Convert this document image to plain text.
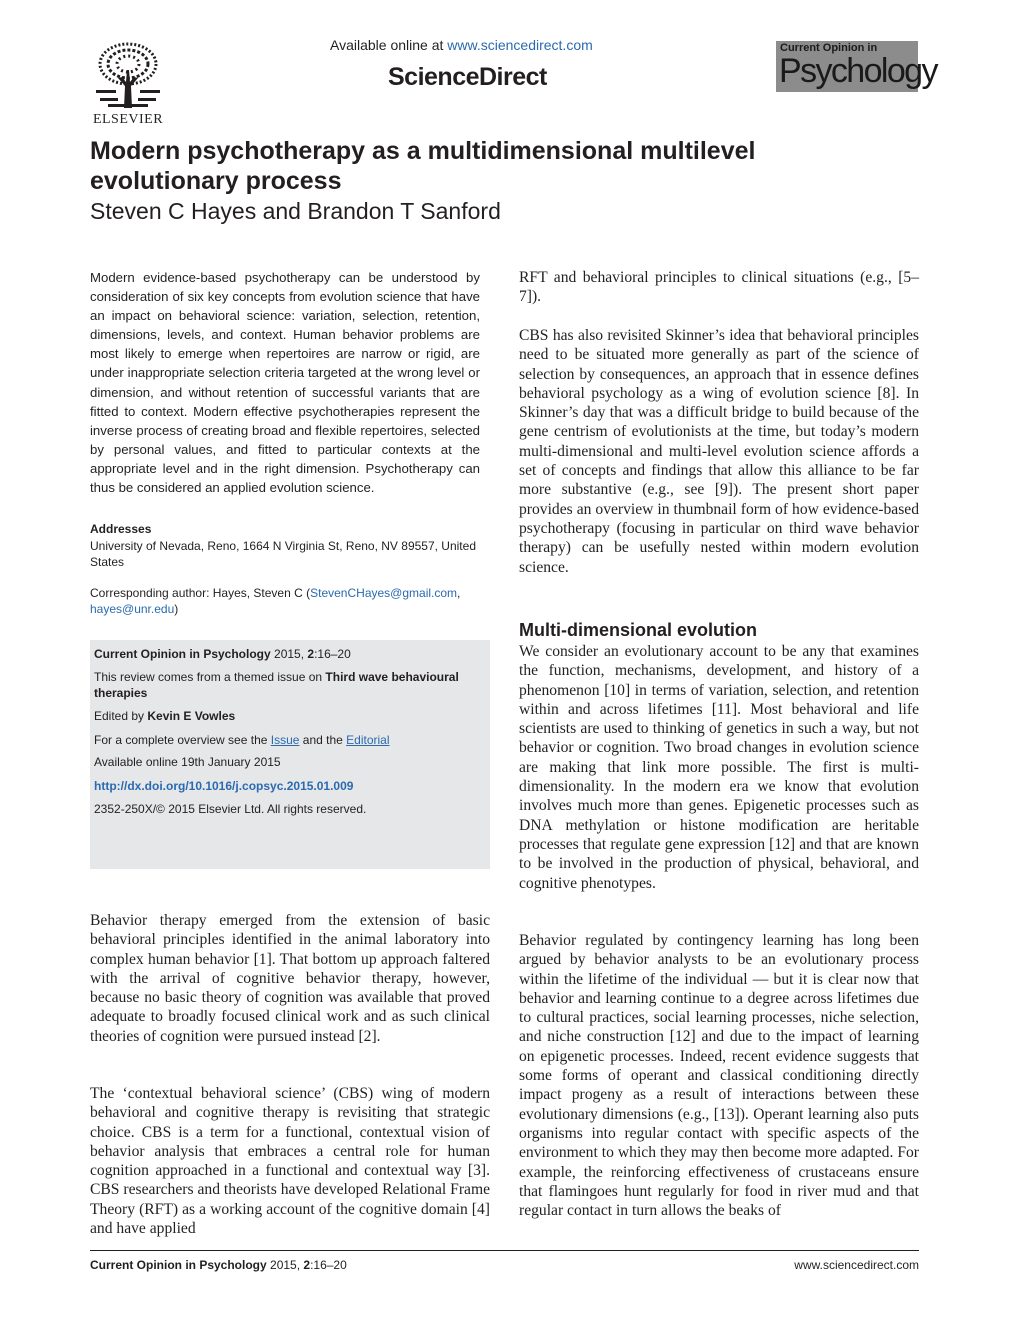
ELSEVIER
Available online at www.sciencedirect.com
ScienceDirect
Current Opinion in
Psychology
Modern psychotherapy as a multidimensional multilevel evolutionary process
Steven C Hayes and Brandon T Sanford
Modern evidence-based psychotherapy can be understood by consideration of six key concepts from evolution science that have an impact on behavioral science: variation, selection, retention, dimensions, levels, and context. Human behavior problems are most likely to emerge when repertoires are narrow or rigid, are under inappropriate selection criteria targeted at the wrong level or dimension, and without retention of successful variants that are fitted to context. Modern effective psychotherapies represent the inverse process of creating broad and flexible repertoires, selected by personal values, and fitted to particular contexts at the appropriate level and in the right dimension. Psychotherapy can thus be considered an applied evolution science.
Addresses
University of Nevada, Reno, 1664 N Virginia St, Reno, NV 89557, United States
Corresponding author: Hayes, Steven C (StevenCHayes@gmail.com,
hayes@unr.edu)
Current Opinion in Psychology 2015, 2:16–20
This review comes from a themed issue on Third wave behavioural therapies
Edited by Kevin E Vowles
For a complete overview see the Issue and the Editorial
Available online 19th January 2015
http://dx.doi.org/10.1016/j.copsyc.2015.01.009
2352-250X/© 2015 Elsevier Ltd. All rights reserved.
Behavior therapy emerged from the extension of basic behavioral principles identified in the animal laboratory into complex human behavior [1]. That bottom up approach faltered with the arrival of cognitive behavior therapy, however, because no basic theory of cognition was available that proved adequate to broadly focused clinical work and as such clinical theories of cognition were pursued instead [2].
The ‘contextual behavioral science’ (CBS) wing of modern behavioral and cognitive therapy is revisiting that strategic choice. CBS is a term for a functional, contextual vision of behavior analysis that embraces a central role for human cognition approached in a functional and contextual way [3]. CBS researchers and theorists have developed Relational Frame Theory (RFT) as a working account of the cognitive domain [4] and have applied
RFT and behavioral principles to clinical situations (e.g., [5–7]).
CBS has also revisited Skinner’s idea that behavioral principles need to be situated more generally as part of the science of selection by consequences, an approach that in essence defines behavioral psychology as a wing of evolution science [8]. In Skinner’s day that was a difficult bridge to build because of the gene centrism of evolutionists at the time, but today’s modern multi-dimensional and multi-level evolution science affords a set of concepts and findings that allow this alliance to be far more substantive (e.g., see [9]). The present short paper provides an overview in thumbnail form of how evidence-based psychotherapy (focusing in particular on third wave behavior therapy) can be usefully nested within modern evolution science.
Multi-dimensional evolution
We consider an evolutionary account to be any that examines the function, mechanisms, development, and history of a phenomenon [10] in terms of variation, selection, and retention within and across lifetimes [11]. Most behavioral and life scientists are used to thinking of genetics in such a way, but not behavior or cognition. Two broad changes in evolution science are making that link more possible. The first is multi-dimensionality. In the modern era we know that evolution involves much more than genes. Epigenetic processes such as DNA methylation or histone modification are heritable processes that regulate gene expression [12] and that are known to be involved in the production of physical, behavioral, and cognitive phenotypes.
Behavior regulated by contingency learning has long been argued by behavior analysts to be an evolutionary process within the lifetime of the individual — but it is clear now that behavior and learning continue to a degree across lifetimes due to cultural practices, social learning processes, niche selection, and niche construction [12] and due to the impact of learning on epigenetic processes. Indeed, recent evidence suggests that some forms of operant and classical conditioning directly impact progeny as a result of interactions between these evolutionary dimensions (e.g., [13]). Operant learning also puts organisms into regular contact with specific aspects of the environment to which they may then become more adapted. For example, the reinforcing effectiveness of crustaceans ensure that flamingoes hunt regularly for food in river mud and that regular contact in turn allows the beaks of
Current Opinion in Psychology 2015, 2:16–20	www.sciencedirect.com
